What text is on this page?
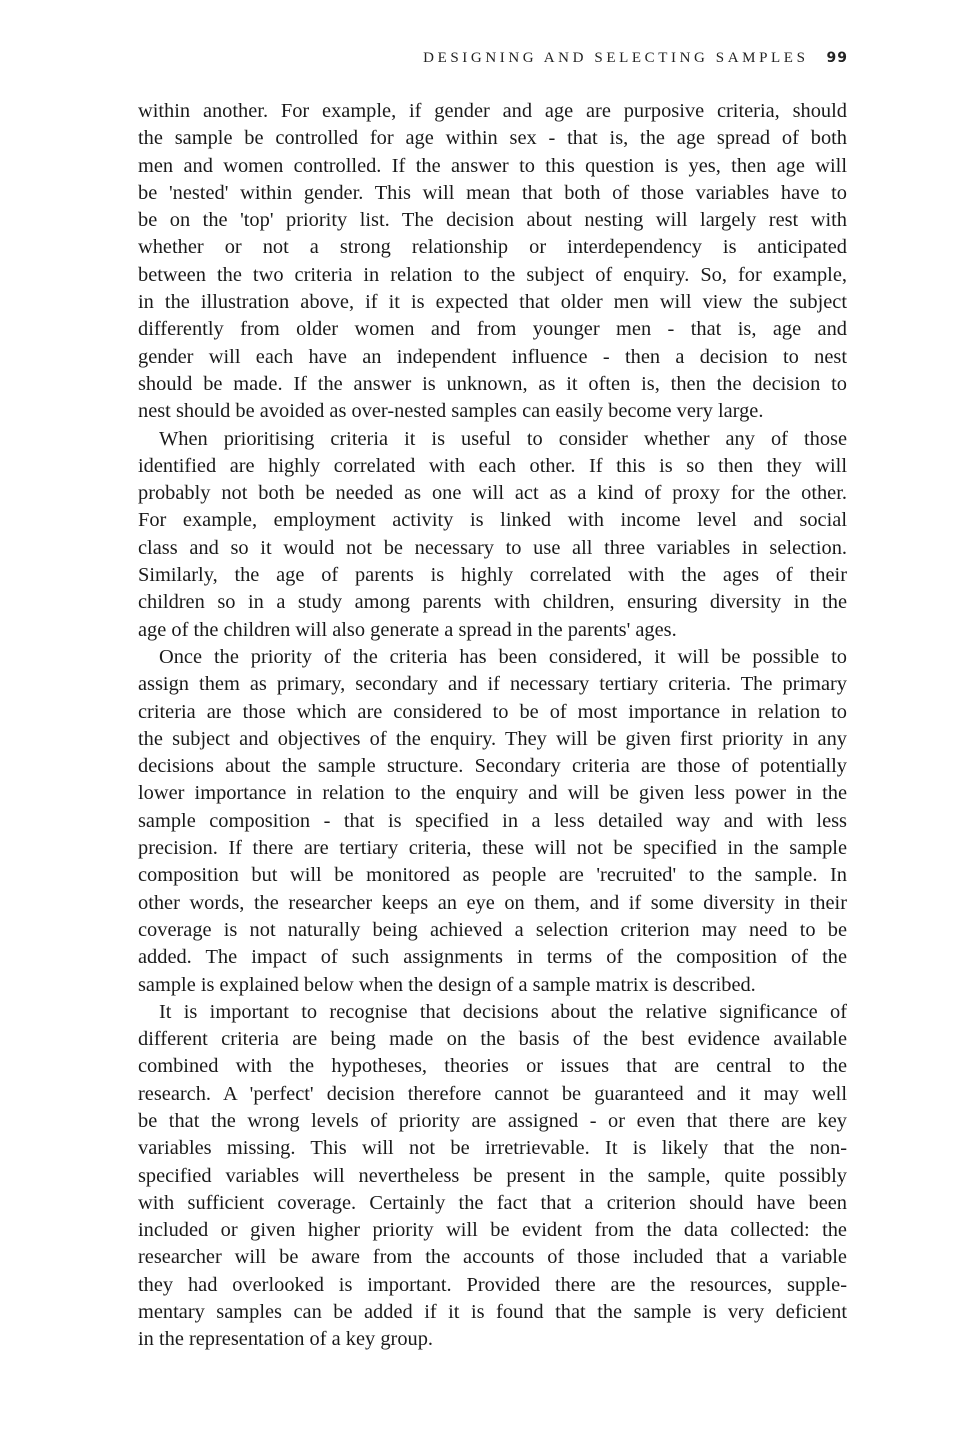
DESIGNING AND SELECTING SAMPLES 99

within another. For example, if gender and age are purposive criteria, should
the sample be controlled for age within sex - that is, the age spread of both
men and women controlled. If the answer to this question is yes, then age will
be 'nested' within gender. This will mean that both of those variables have to
be on the 'top' priority list. The decision about nesting will largely rest with
whether or not a strong relationship or interdependency is anticipated
between the two criteria in relation to the subject of enquiry. So, for example,
in the illustration above, if it is expected that older men will view the subject
differently from older women and from younger men - that is, age and
gender will each have an independent influence - then a decision to nest
should be made. If the answer is unknown, as it often is, then the decision to
nest should be avoided as over-nested samples can easily become very large.

When prioritising criteria it is useful to consider whether any of those
identified are highly correlated with each other. If this is so then they will
probably not both be needed as one will act as a kind of proxy for the other.
For example, employment activity is linked with income level and social
class and so it would not be necessary to use all three variables in selection.
Similarly, the age of parents is highly correlated with the ages of their
children so in a study among parents with children, ensuring diversity in the
age of the children will also generate a spread in the parents' ages.

Once the priority of the criteria has been considered, it will be possible to
assign them as primary, secondary and if necessary tertiary criteria. The primary
criteria are those which are considered to be of most importance in relation to
the subject and objectives of the enquiry. They will be given first priority in any
decisions about the sample structure. Secondary criteria are those of potentially
lower importance in relation to the enquiry and will be given less power in the
sample composition - that is specified in a less detailed way and with less
precision. If there are tertiary criteria, these will not be specified in the sample
composition but will be monitored as people are 'recruited' to the sample. In
other words, the researcher keeps an eye on them, and if some diversity in their
coverage is not naturally being achieved a selection criterion may need to be
added. The impact of such assignments in terms of the composition of the
sample is explained below when the design of a sample matrix is described.

It is important to recognise that decisions about the relative significance of
different criteria are being made on the basis of the best evidence available
combined with the hypotheses, theories or issues that are central to the
research. A 'perfect' decision therefore cannot be guaranteed and it may well
be that the wrong levels of priority are assigned - or even that there are key
variables missing. This will not be irretrievable. It is likely that the non-
specified variables will nevertheless be present in the sample, quite possibly
with sufficient coverage. Certainly the fact that a criterion should have been
included or given higher priority will be evident from the data collected: the
researcher will be aware from the accounts of those included that a variable
they had overlooked is important. Provided there are the resources, supple-
mentary samples can be added if it is found that the sample is very deficient
in the representation of a key group.
